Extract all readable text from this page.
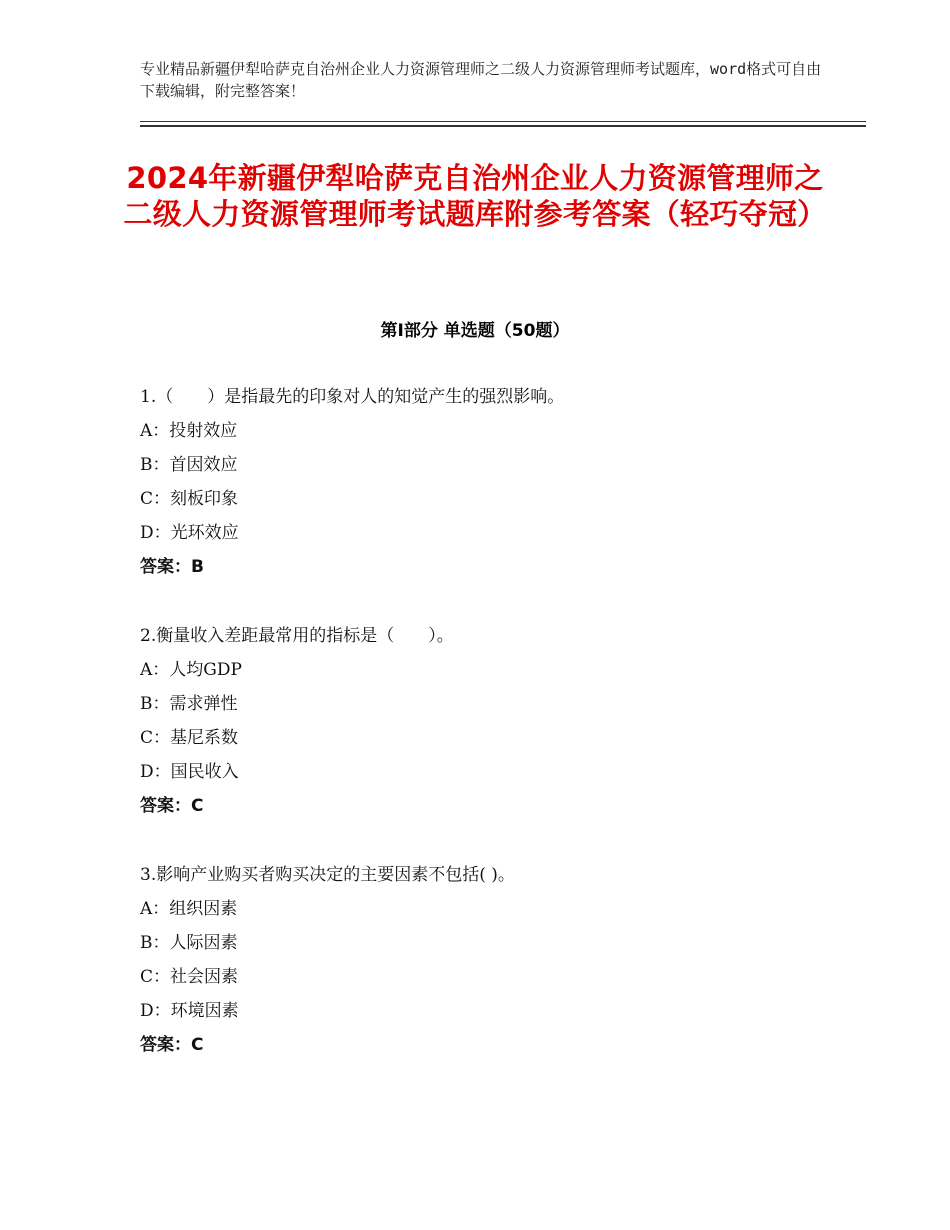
专业精品新疆伊犁哈萨克自治州企业人力资源管理师之二级人力资源管理师考试题库，word格式可自由下载编辑，附完整答案！
2024年新疆伊犁哈萨克自治州企业人力资源管理师之二级人力资源管理师考试题库附参考答案（轻巧夺冠）
第Ⅰ部分 单选题（50题）
1.（　　）是指最先的印象对人的知觉产生的强烈影响。
A：投射效应
B：首因效应
C：刻板印象
D：光环效应
答案：B
2.衡量收入差距最常用的指标是（　　）。
A：人均GDP
B：需求弹性
C：基尼系数
D：国民收入
答案：C
3.影响产业购买者购买决定的主要因素不包括( )。
A：组织因素
B：人际因素
C：社会因素
D：环境因素
答案：C
